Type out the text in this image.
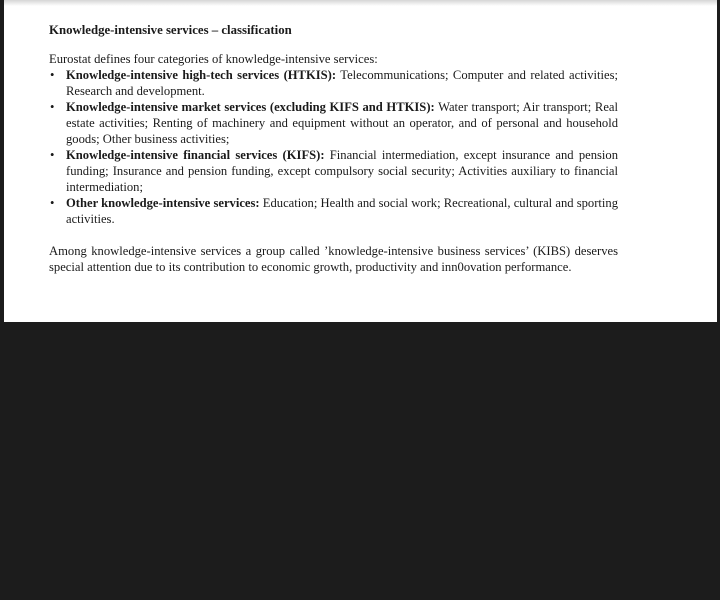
Knowledge-intensive services – classification

Eurostat defines four categories of knowledge-intensive services:

• Knowledge-intensive high-tech services (HTKIS): Telecommunications; Computer and related activities; Research and development.
• Knowledge-intensive market services (excluding KIFS and HTKIS): Water transport; Air transport; Real estate activities; Renting of machinery and equipment without an operator, and of personal and household goods; Other business activities;
• Knowledge-intensive financial services (KIFS): Financial intermediation, except insurance and pension funding; Insurance and pension funding, except compulsory social security; Activities auxiliary to financial intermediation;
• Other knowledge-intensive services: Education; Health and social work; Recreational, cultural and sporting activities.

Among knowledge-intensive services a group called ’knowledge-intensive business services’ (KIBS) deserves special attention due to its contribution to economic growth, productivity and inn0ovation performance.
